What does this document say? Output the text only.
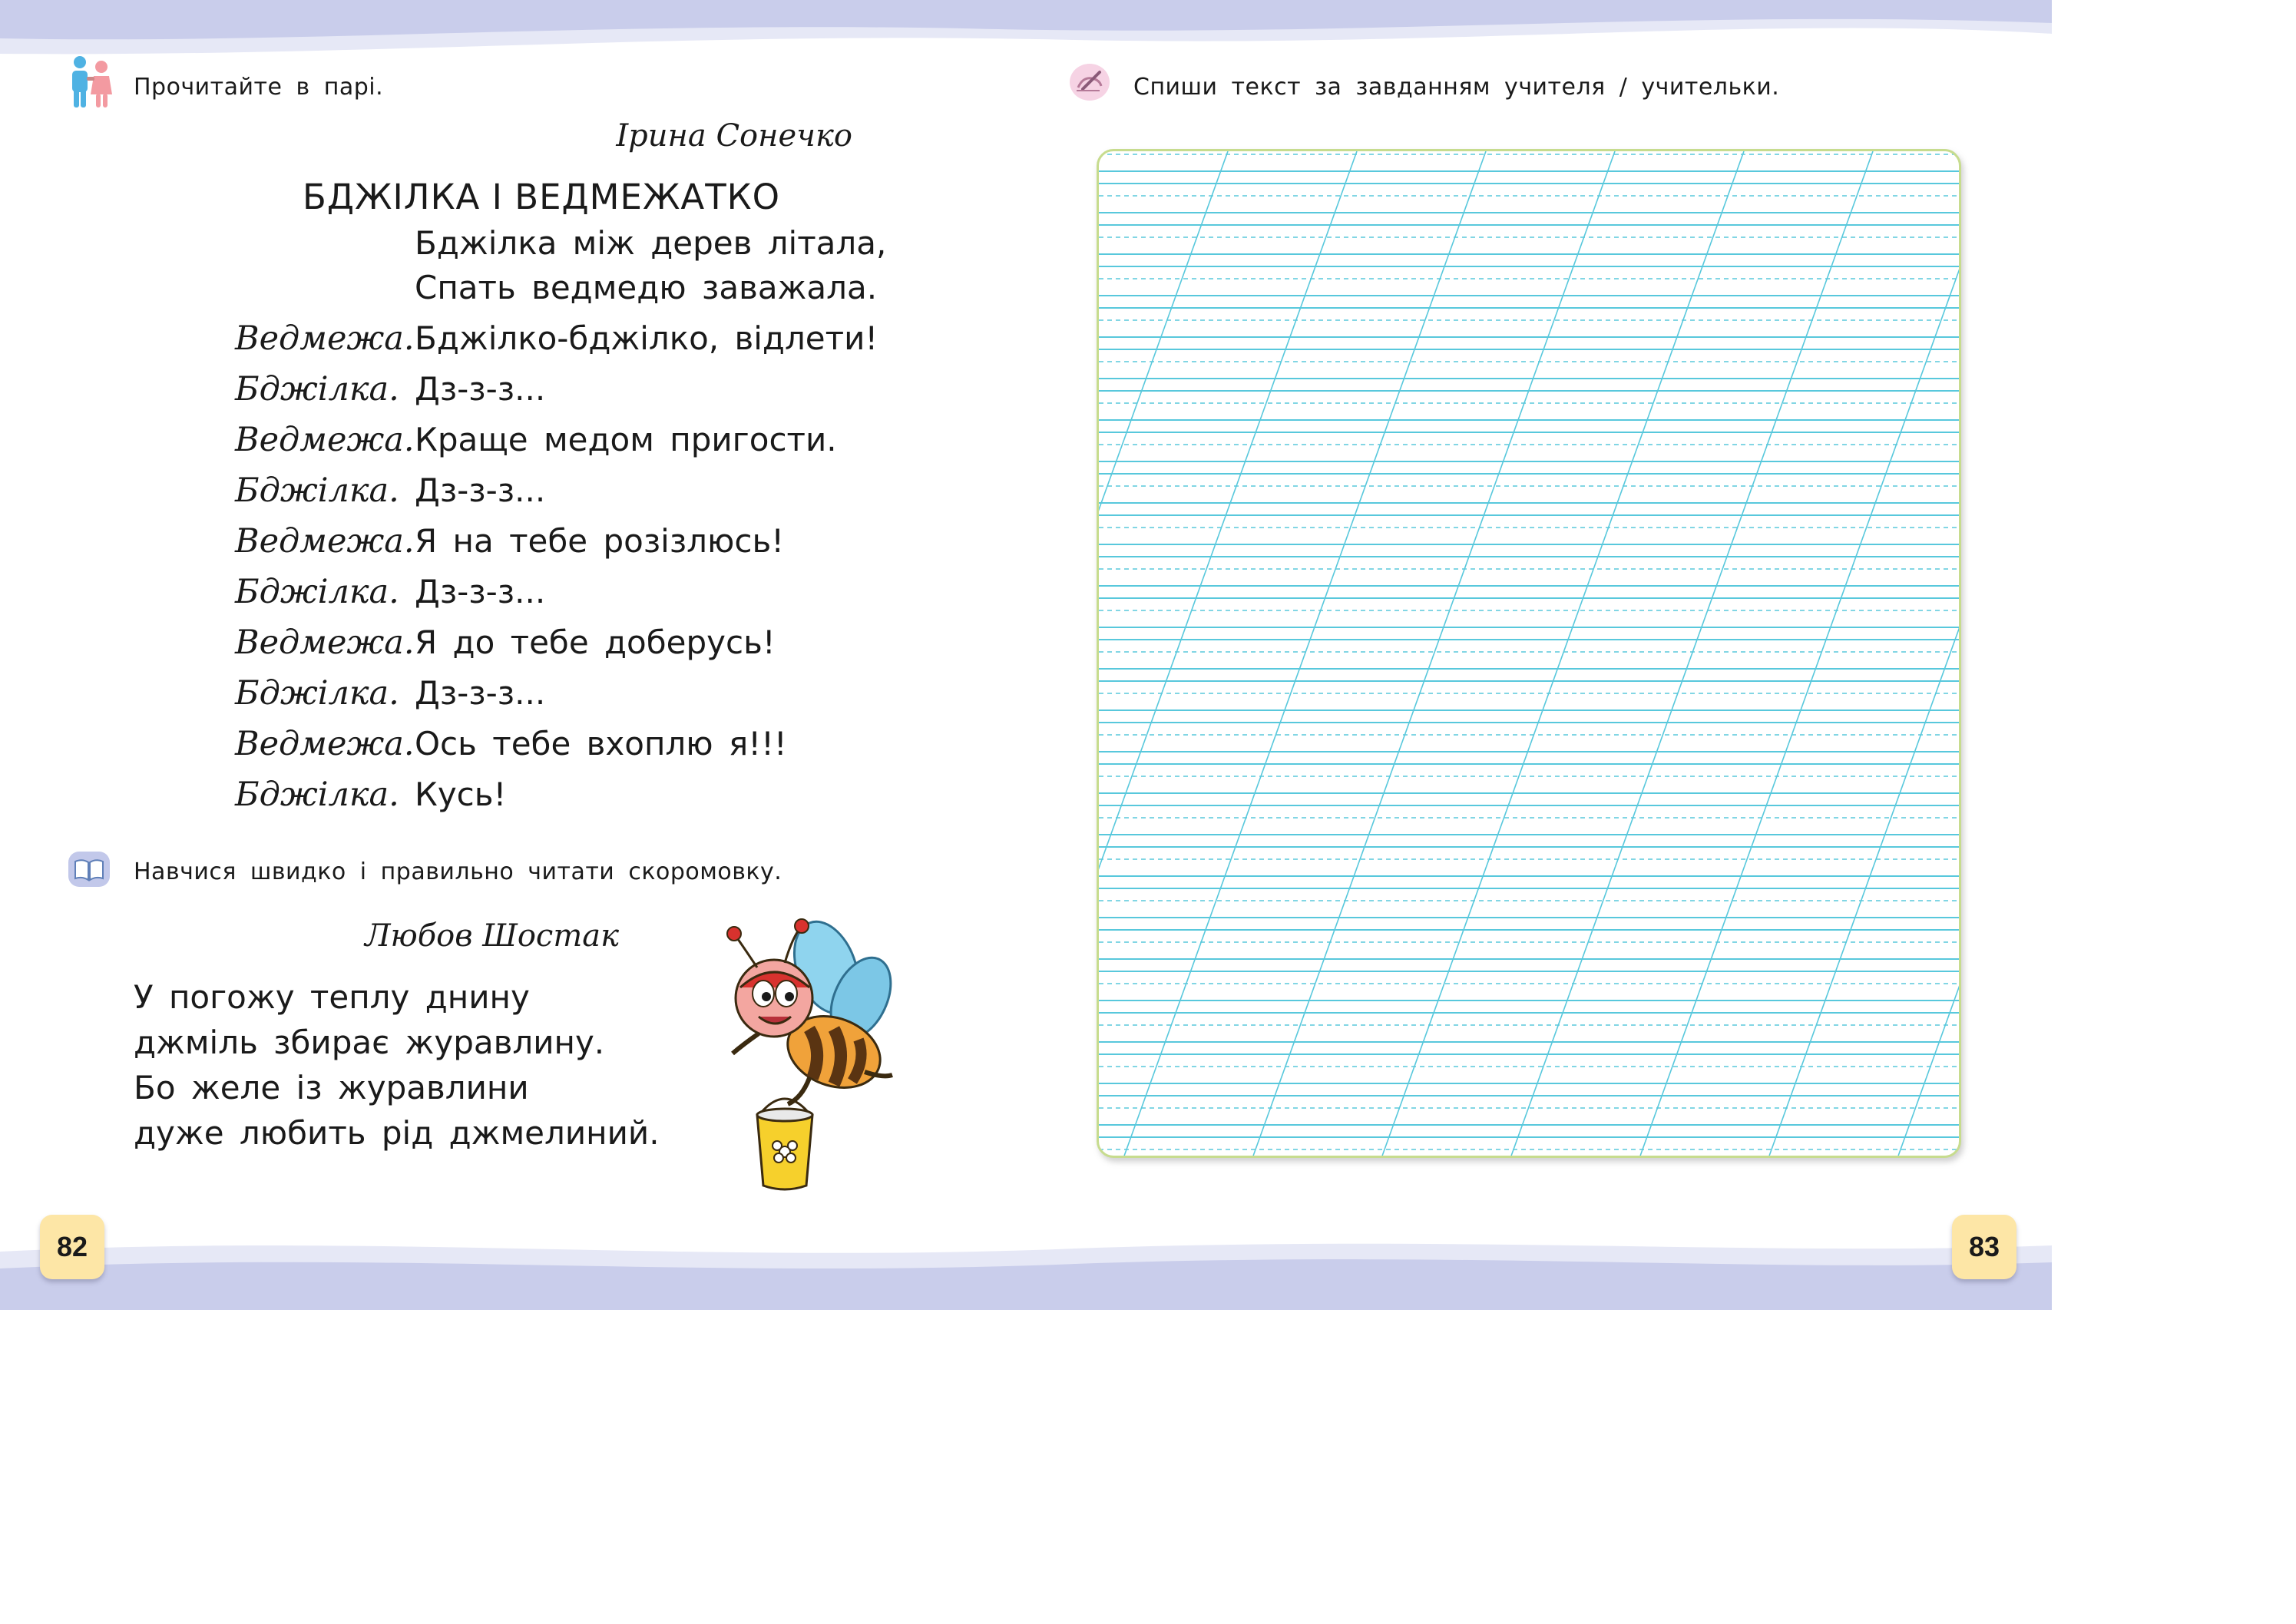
Прочитайте в парі.
Ірина Сонечко
БДЖІЛКА І ВЕДМЕЖАТКО
Бджілка між дерев літала,
Спать ведмедю заважала.
Ведмежа. Бджілко-бджілко, відлети!
Бджілка. Дз-з-з...
Ведмежа. Краще медом пригости.
Бджілка. Дз-з-з...
Ведмежа. Я на тебе розізлюсь!
Бджілка. Дз-з-з...
Ведмежа. Я до тебе доберусь!
Бджілка. Дз-з-з...
Ведмежа. Ось тебе вхоплю я!!!
Бджілка. Кусь!
Навчися швидко і правильно читати скоромовку.
Любов Шостак
У погожу теплу днину
джміль збирає журавлину.
Бо желе із журавлини
дуже любить рід джмелиний.
82
Спиши текст за завданням учителя / учительки.
83
